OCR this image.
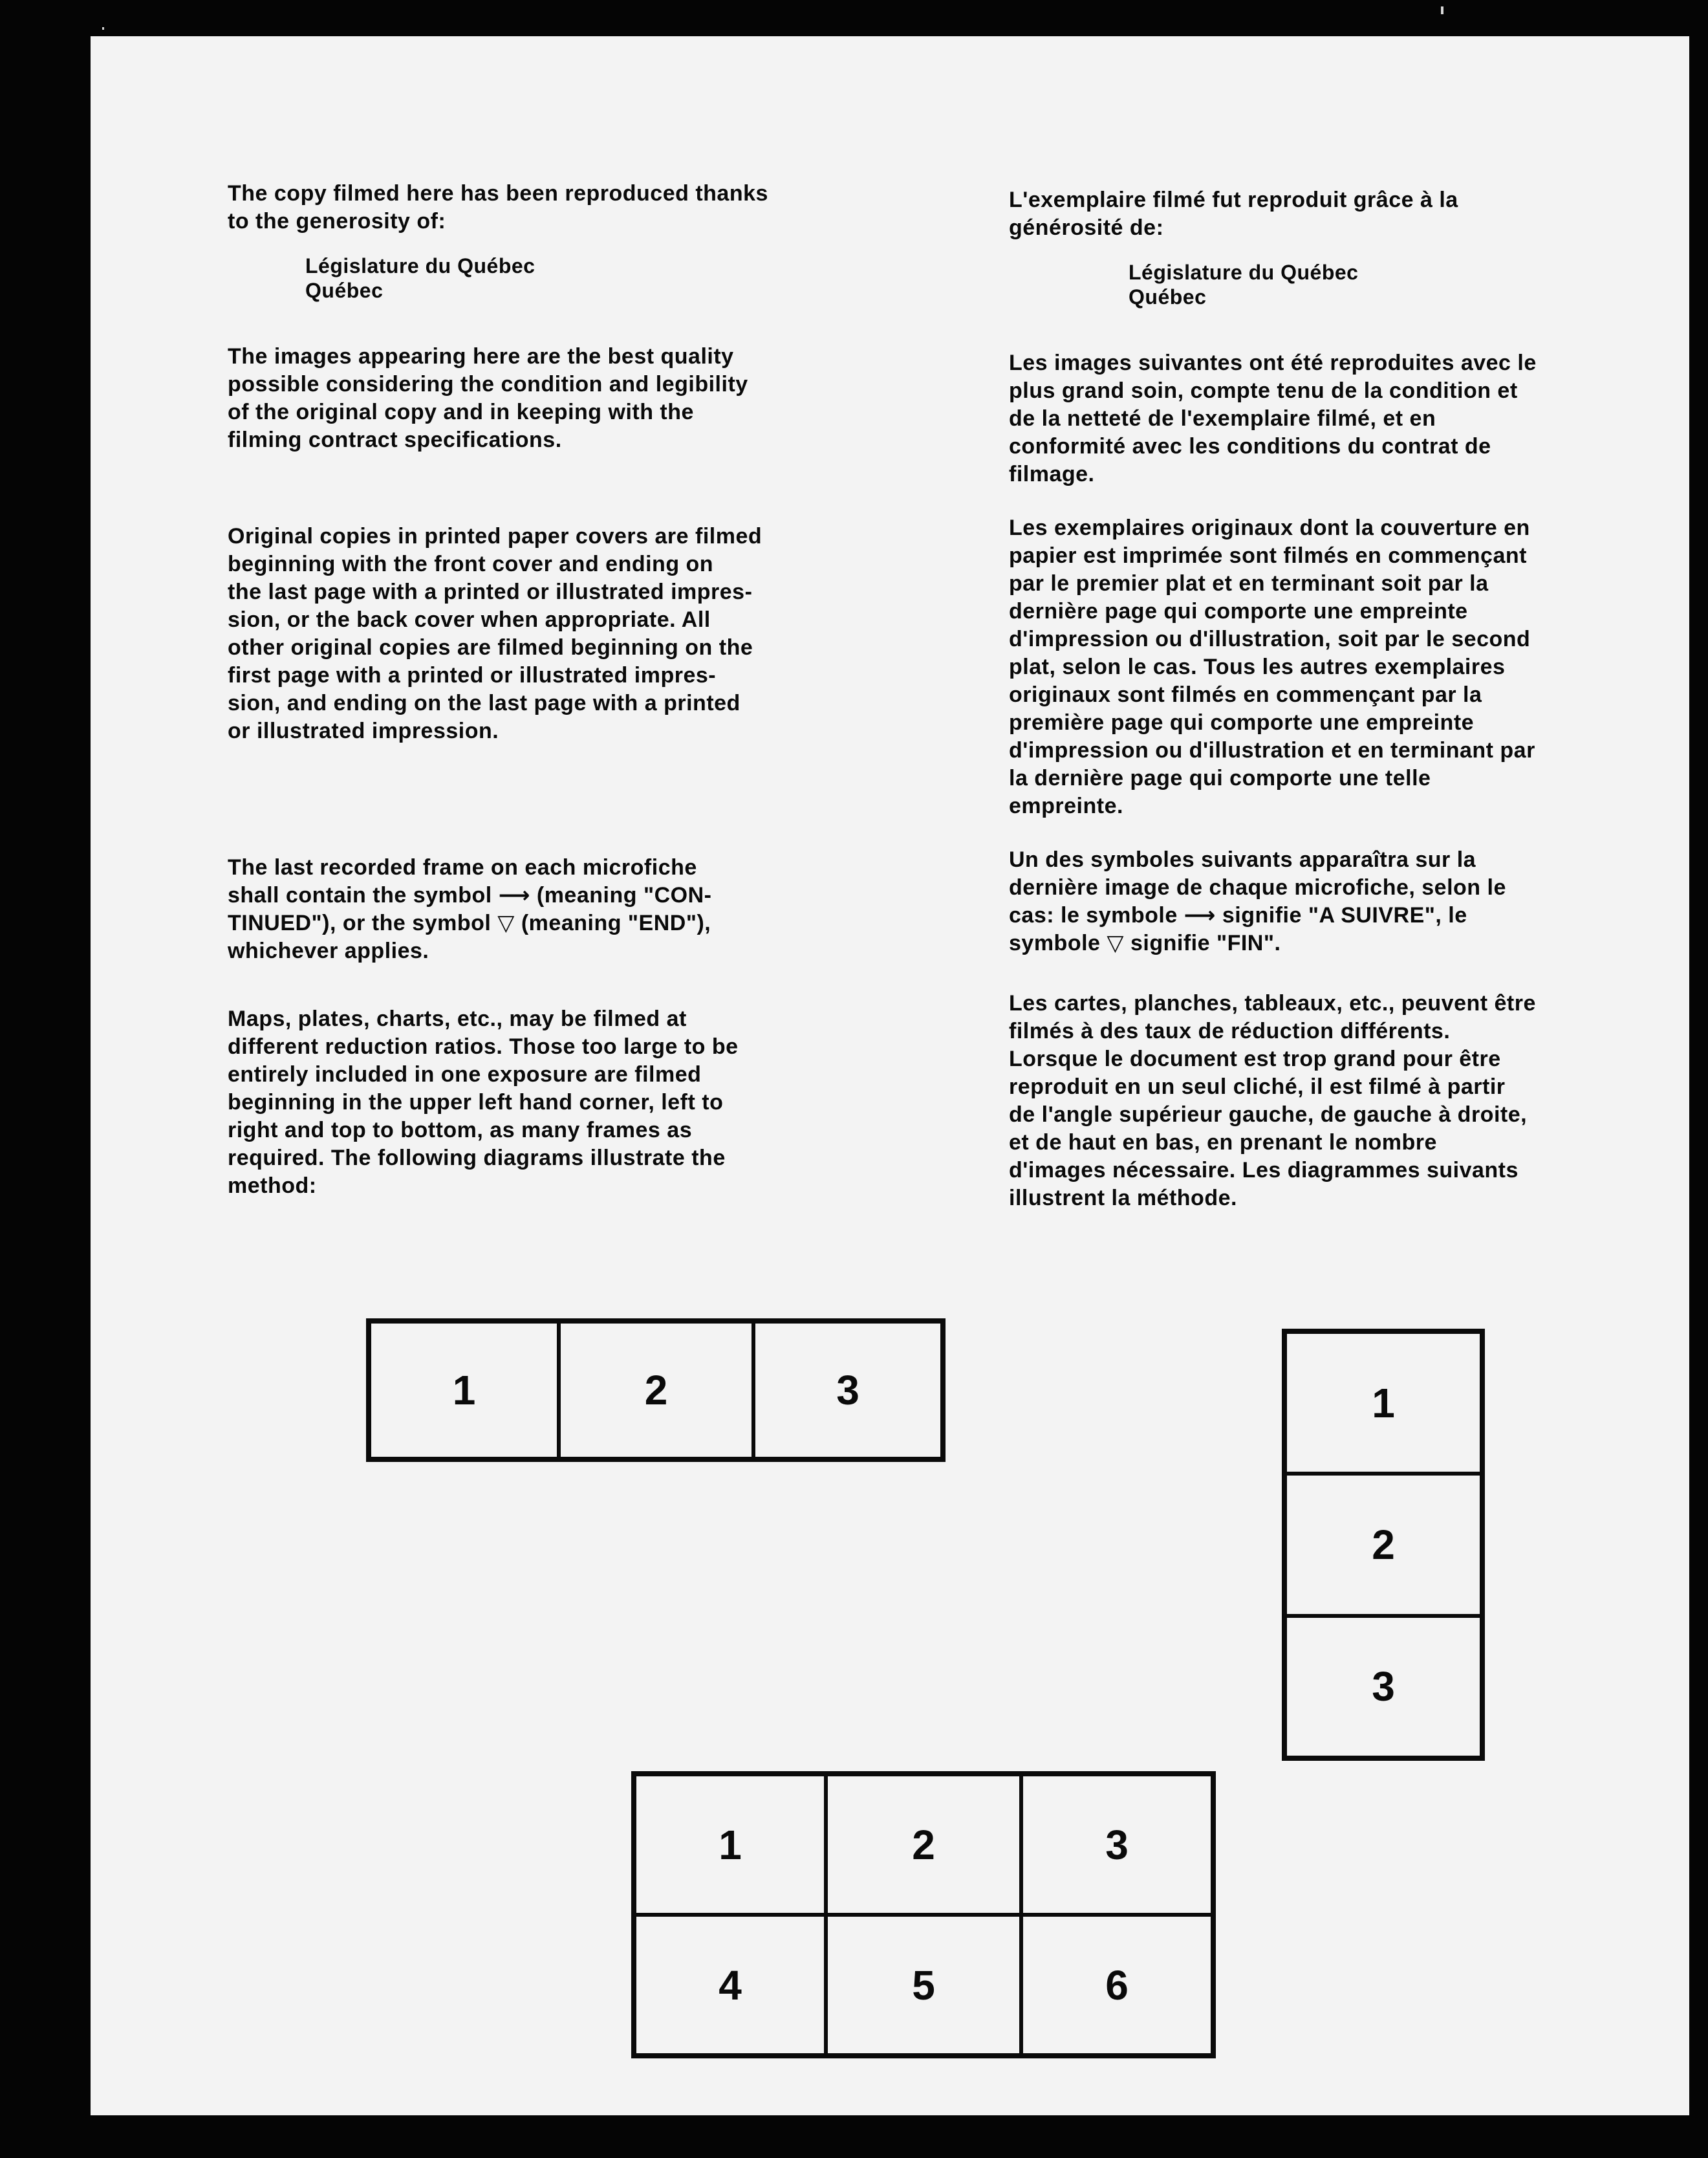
The copy filmed here has been reproduced thanks
to the generosity of:

Législature du Québec
Québec

The images appearing here are the best quality
possible considering the condition and legibility
of the original copy and in keeping with the
filming contract specifications.

Original copies in printed paper covers are filmed
beginning with the front cover and ending on
the last page with a printed or illustrated impres-
sion, or the back cover when appropriate. All
other original copies are filmed beginning on the
first page with a printed or illustrated impres-
sion, and ending on the last page with a printed
or illustrated impression.

The last recorded frame on each microfiche
shall contain the symbol ⟶ (meaning "CON-
TINUED"), or the symbol ▽ (meaning "END"),
whichever applies.

Maps, plates, charts, etc., may be filmed at
different reduction ratios. Those too large to be
entirely included in one exposure are filmed
beginning in the upper left hand corner, left to
right and top to bottom, as many frames as
required. The following diagrams illustrate the
method:

L'exemplaire filmé fut reproduit grâce à la
générosité de:

Législature du Québec
Québec

Les images suivantes ont été reproduites avec le
plus grand soin, compte tenu de la condition et
de la netteté de l'exemplaire filmé, et en
conformité avec les conditions du contrat de
filmage.

Les exemplaires originaux dont la couverture en
papier est imprimée sont filmés en commençant
par le premier plat et en terminant soit par la
dernière page qui comporte une empreinte
d'impression ou d'illustration, soit par le second
plat, selon le cas. Tous les autres exemplaires
originaux sont filmés en commençant par la
première page qui comporte une empreinte
d'impression ou d'illustration et en terminant par
la dernière page qui comporte une telle
empreinte.

Un des symboles suivants apparaîtra sur la
dernière image de chaque microfiche, selon le
cas: le symbole ⟶ signifie "A SUIVRE", le
symbole ▽ signifie "FIN".

Les cartes, planches, tableaux, etc., peuvent être
filmés à des taux de réduction différents.
Lorsque le document est trop grand pour être
reproduit en un seul cliché, il est filmé à partir
de l'angle supérieur gauche, de gauche à droite,
et de haut en bas, en prenant le nombre
d'images nécessaire. Les diagrammes suivants
illustrent la méthode.

1	2	3	1
2
3
1	2	3
4	5	6
